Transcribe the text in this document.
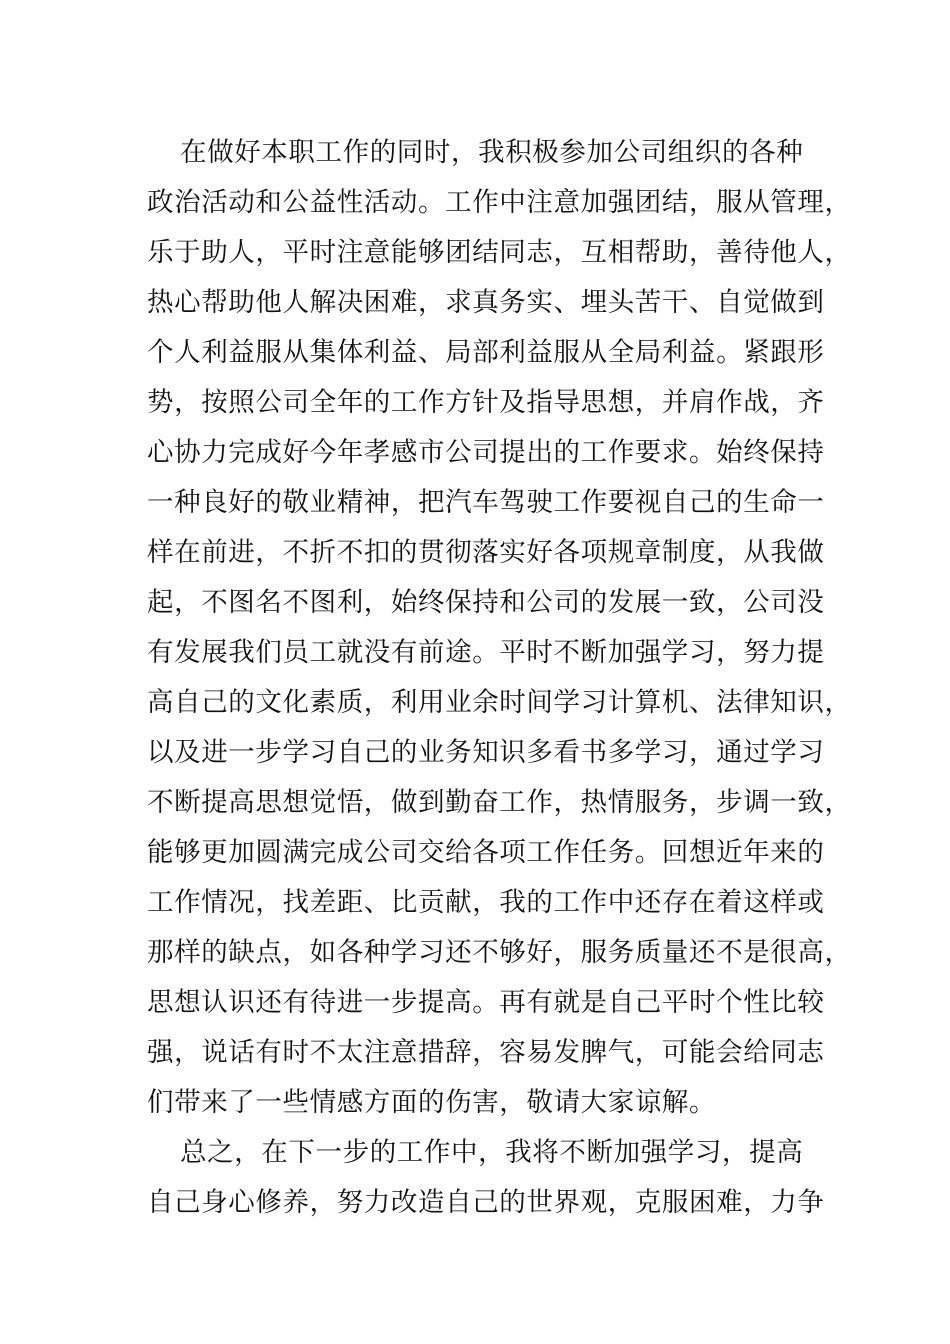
在做好本职工作的同时，我积极参加公司组织的各种
政治活动和公益性活动。工作中注意加强团结，服从管理，
乐于助人，平时注意能够团结同志，互相帮助，善待他人，
热心帮助他人解决困难，求真务实、埋头苦干、自觉做到
个人利益服从集体利益、局部利益服从全局利益。紧跟形
势，按照公司全年的工作方针及指导思想，并肩作战，齐
心协力完成好今年孝感市公司提出的工作要求。始终保持
一种良好的敬业精神，把汽车驾驶工作要视自己的生命一
样在前进，不折不扣的贯彻落实好各项规章制度，从我做
起，不图名不图利，始终保持和公司的发展一致，公司没
有发展我们员工就没有前途。平时不断加强学习，努力提
高自己的文化素质，利用业余时间学习计算机、法律知识，
以及进一步学习自己的业务知识多看书多学习，通过学习
不断提高思想觉悟，做到勤奋工作，热情服务，步调一致，
能够更加圆满完成公司交给各项工作任务。回想近年来的
工作情况，找差距、比贡献，我的工作中还存在着这样或
那样的缺点，如各种学习还不够好，服务质量还不是很高，
思想认识还有待进一步提高。再有就是自己平时个性比较
强，说话有时不太注意措辞，容易发脾气，可能会给同志
们带来了一些情感方面的伤害，敬请大家谅解。
总之，在下一步的工作中，我将不断加强学习，提高
自己身心修养，努力改造自己的世界观，克服困难，力争
